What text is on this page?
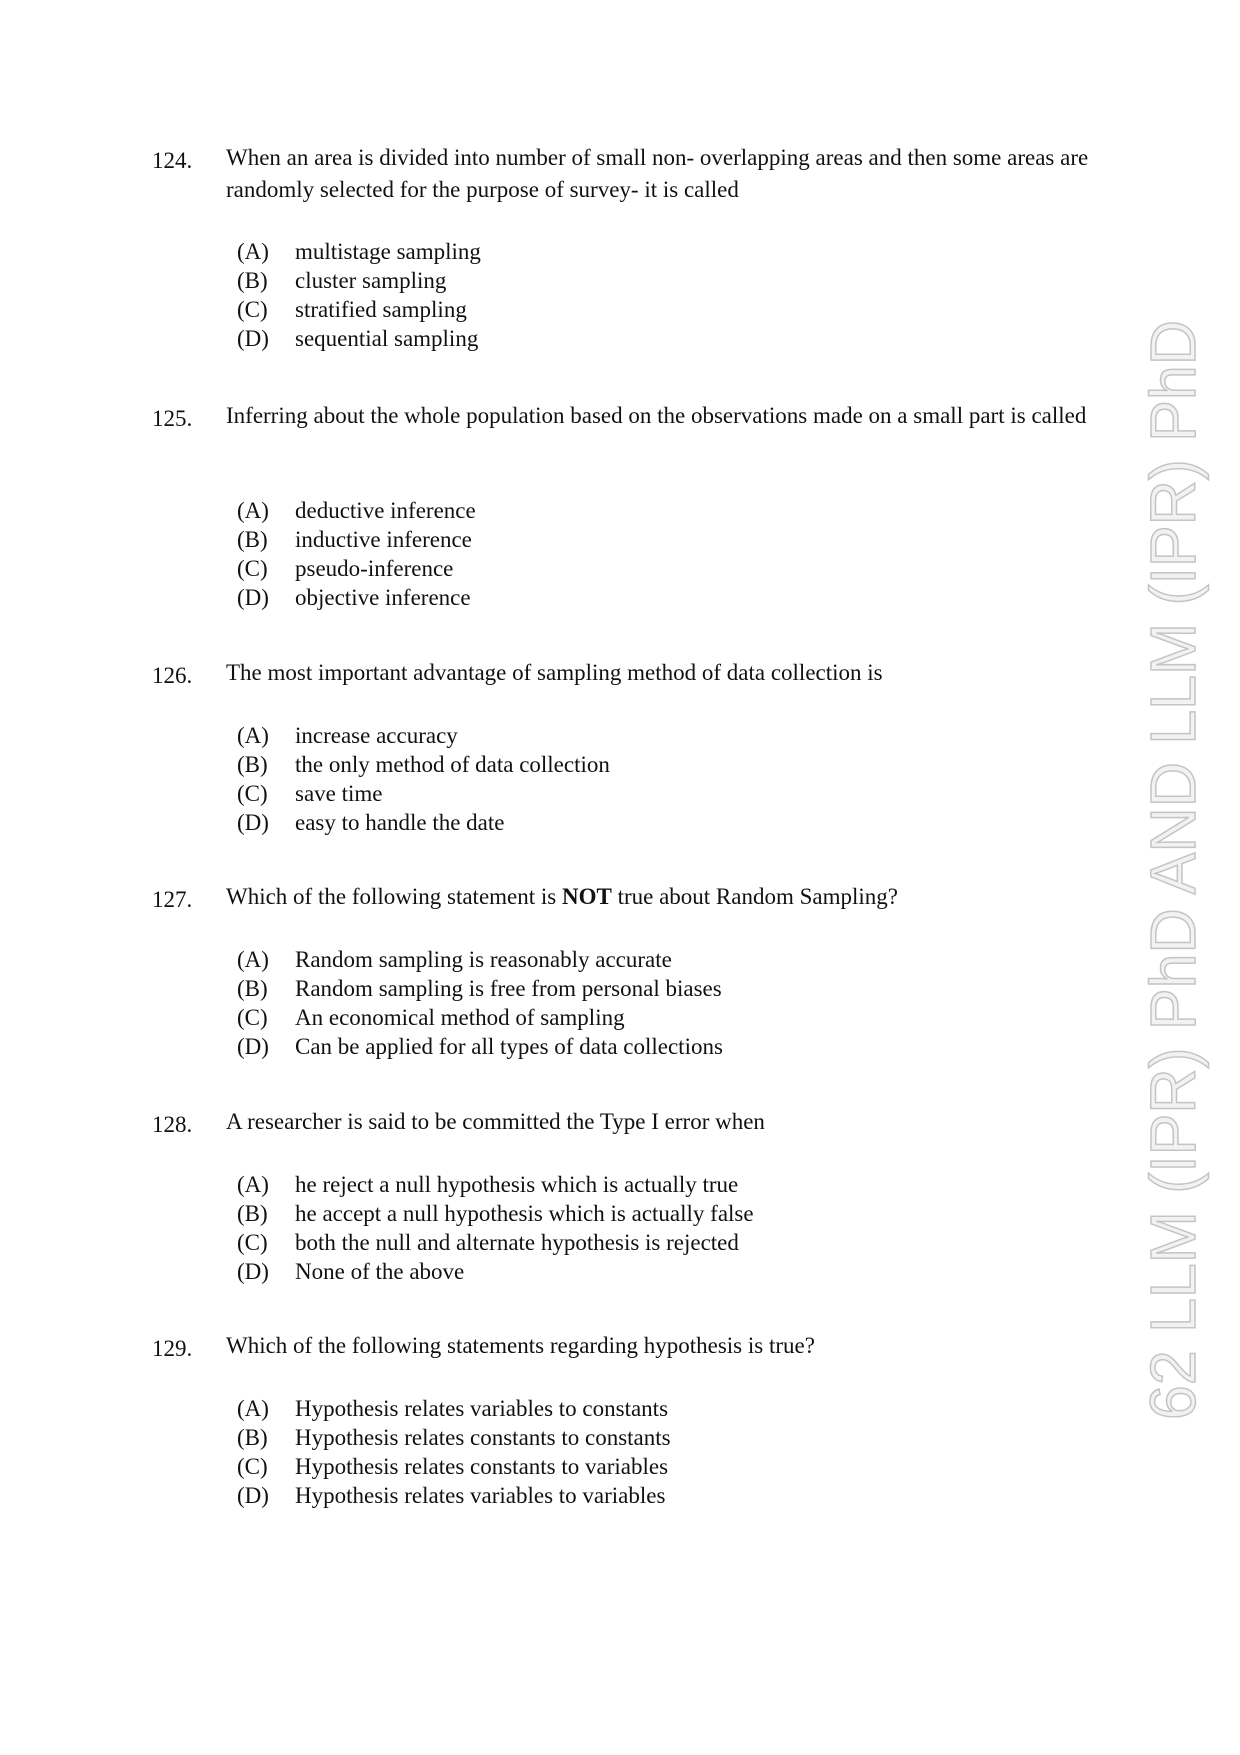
62 LLM (IPR) PhD AND LLM (IPR) PhD
124. When an area is divided into number of small non- overlapping areas and then some areas are randomly selected for the purpose of survey- it is called
(A) multistage sampling
(B) cluster sampling
(C) stratified sampling
(D) sequential sampling
125. Inferring about the whole population based on the observations made on a small part is called
(A) deductive inference
(B) inductive inference
(C) pseudo-inference
(D) objective inference
126. The most important advantage of sampling method of data collection is
(A) increase accuracy
(B) the only method of data collection
(C) save time
(D) easy to handle the date
127. Which of the following statement is NOT true about Random Sampling?
(A) Random sampling is reasonably accurate
(B) Random sampling is free from personal biases
(C) An economical method of sampling
(D) Can be applied for all types of data collections
128. A researcher is said to be committed the Type I error when
(A) he reject a null hypothesis which is actually true
(B) he accept a null hypothesis which is actually false
(C) both the null and alternate hypothesis is rejected
(D) None of the above
129. Which of the following statements regarding hypothesis is true?
(A) Hypothesis relates variables to constants
(B) Hypothesis relates constants to constants
(C) Hypothesis relates constants to variables
(D) Hypothesis relates variables to variables
